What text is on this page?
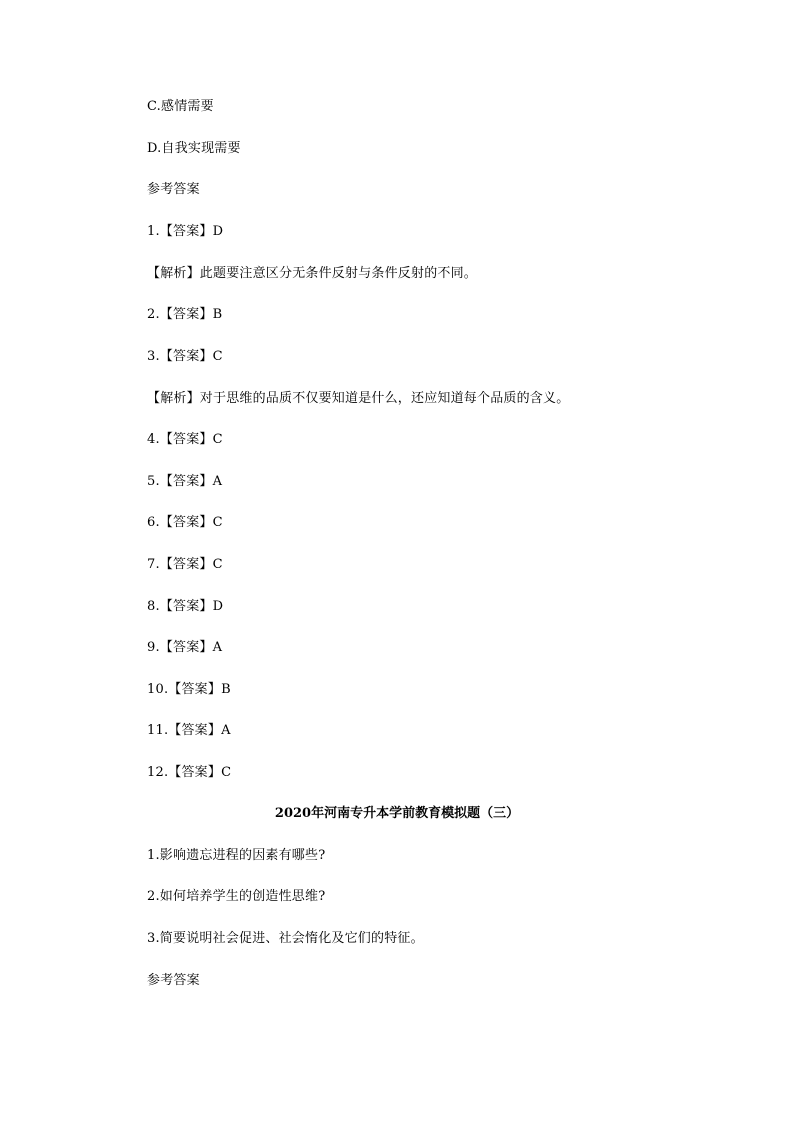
C.感情需要
D.自我实现需要
参考答案
1.【答案】D
【解析】此题要注意区分无条件反射与条件反射的不同。
2.【答案】B
3.【答案】C
【解析】对于思维的品质不仅要知道是什么，还应知道每个品质的含义。
4.【答案】C
5.【答案】A
6.【答案】C
7.【答案】C
8.【答案】D
9.【答案】A
10.【答案】B
11.【答案】A
12.【答案】C
2020年河南专升本学前教育模拟题（三）
1.影响遗忘进程的因素有哪些?
2.如何培养学生的创造性思维?
3.简要说明社会促进、社会惰化及它们的特征。
参考答案
